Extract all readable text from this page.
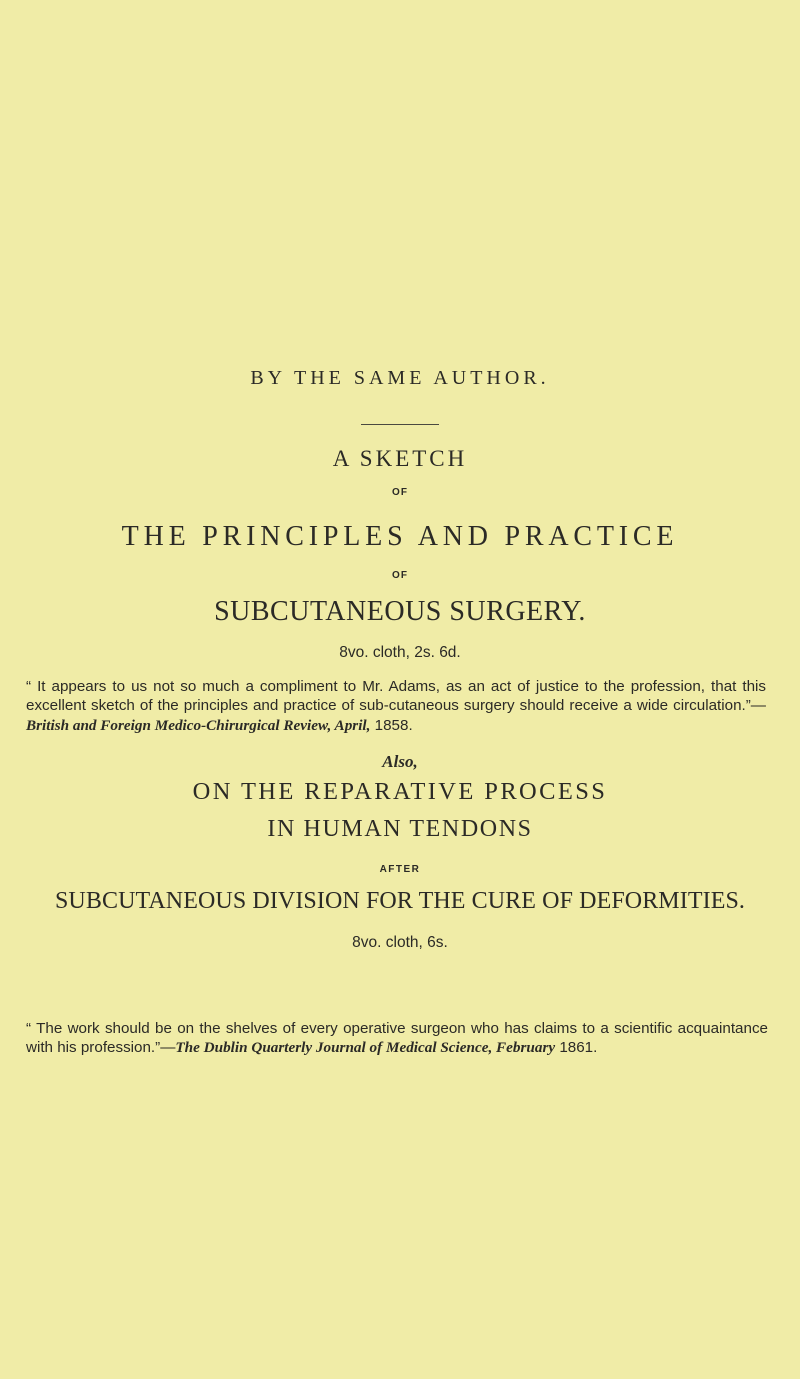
BY THE SAME AUTHOR.
A SKETCH
OF
THE PRINCIPLES AND PRACTICE
OF
SUBCUTANEOUS SURGERY.
8vo. cloth, 2s. 6d.
“ It appears to us not so much a compliment to Mr. Adams, as an act of justice to the profession, that this excellent sketch of the principles and practice of sub-cutaneous surgery should receive a wide circulation.”—British and Foreign Medico-Chirurgical Review, April, 1858.
Also,
ON THE REPARATIVE PROCESS
IN HUMAN TENDONS
AFTER
SUBCUTANEOUS DIVISION FOR THE CURE OF DEFORMITIES.
8vo. cloth, 6s.
“ The work should be on the shelves of every operative surgeon who has claims to a scientific acquaintance with his profession.”—The Dublin Quarterly Journal of Medical Science, February 1861.
